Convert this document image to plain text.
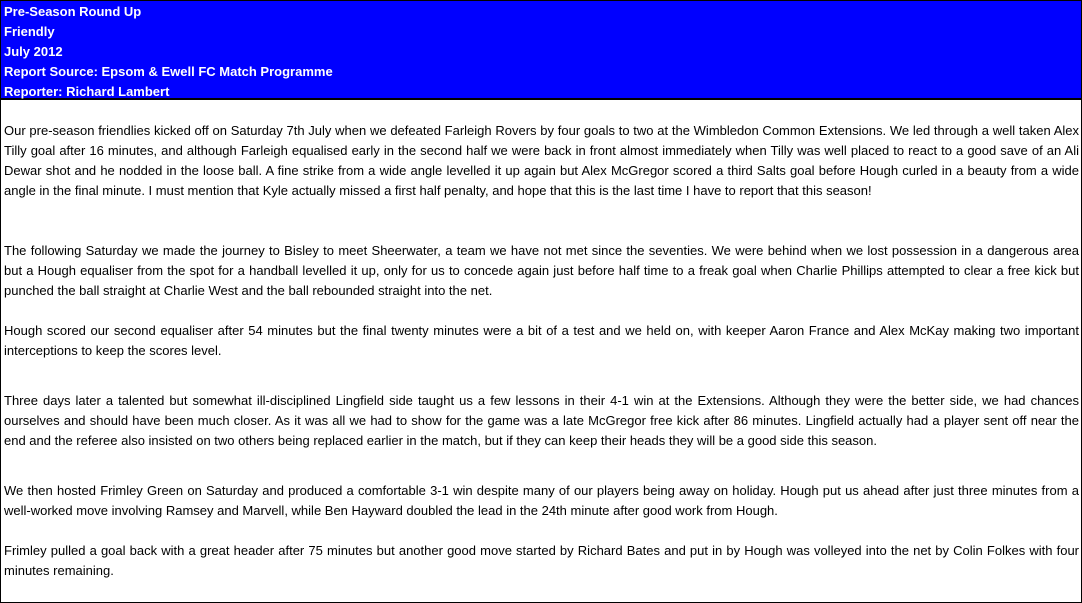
Pre-Season Round Up
Friendly
July 2012
Report Source: Epsom & Ewell FC Match Programme
Reporter: Richard Lambert

Our pre-season friendlies kicked off on Saturday 7th July when we defeated Farleigh Rovers by four goals to two at the Wimbledon Common Extensions. We led through a well taken Alex Tilly goal after 16 minutes, and although Farleigh equalised early in the second half we were back in front almost immediately when Tilly was well placed to react to a good save of an Ali Dewar shot and he nodded in the loose ball. A fine strike from a wide angle levelled it up again but Alex McGregor scored a third Salts goal before Hough curled in a beauty from a wide angle in the final minute. I must mention that Kyle actually missed a first half penalty, and hope that this is the last time I have to report that this season!

The following Saturday we made the journey to Bisley to meet Sheerwater, a team we have not met since the seventies. We were behind when we lost possession in a dangerous area but a Hough equaliser from the spot for a handball levelled it up, only for us to concede again just before half time to a freak goal when Charlie Phillips attempted to clear a free kick but punched the ball straight at Charlie West and the ball rebounded straight into the net.

Hough scored our second equaliser after 54 minutes but the final twenty minutes were a bit of a test and we held on, with keeper Aaron France and Alex McKay making two important interceptions to keep the scores level.

Three days later a talented but somewhat ill-disciplined Lingfield side taught us a few lessons in their 4-1 win at the Extensions. Although they were the better side, we had chances ourselves and should have been much closer. As it was all we had to show for the game was a late McGregor free kick after 86 minutes. Lingfield actually had a player sent off near the end and the referee also insisted on two others being replaced earlier in the match, but if they can keep their heads they will be a good side this season.

We then hosted Frimley Green on Saturday and produced a comfortable 3-1 win despite many of our players being away on holiday. Hough put us ahead after just three minutes from a well-worked move involving Ramsey and Marvell, while Ben Hayward doubled the lead in the 24th minute after good work from Hough.

Frimley pulled a goal back with a great header after 75 minutes but another good move started by Richard Bates and put in by Hough was volleyed into the net by Colin Folkes with four minutes remaining.
